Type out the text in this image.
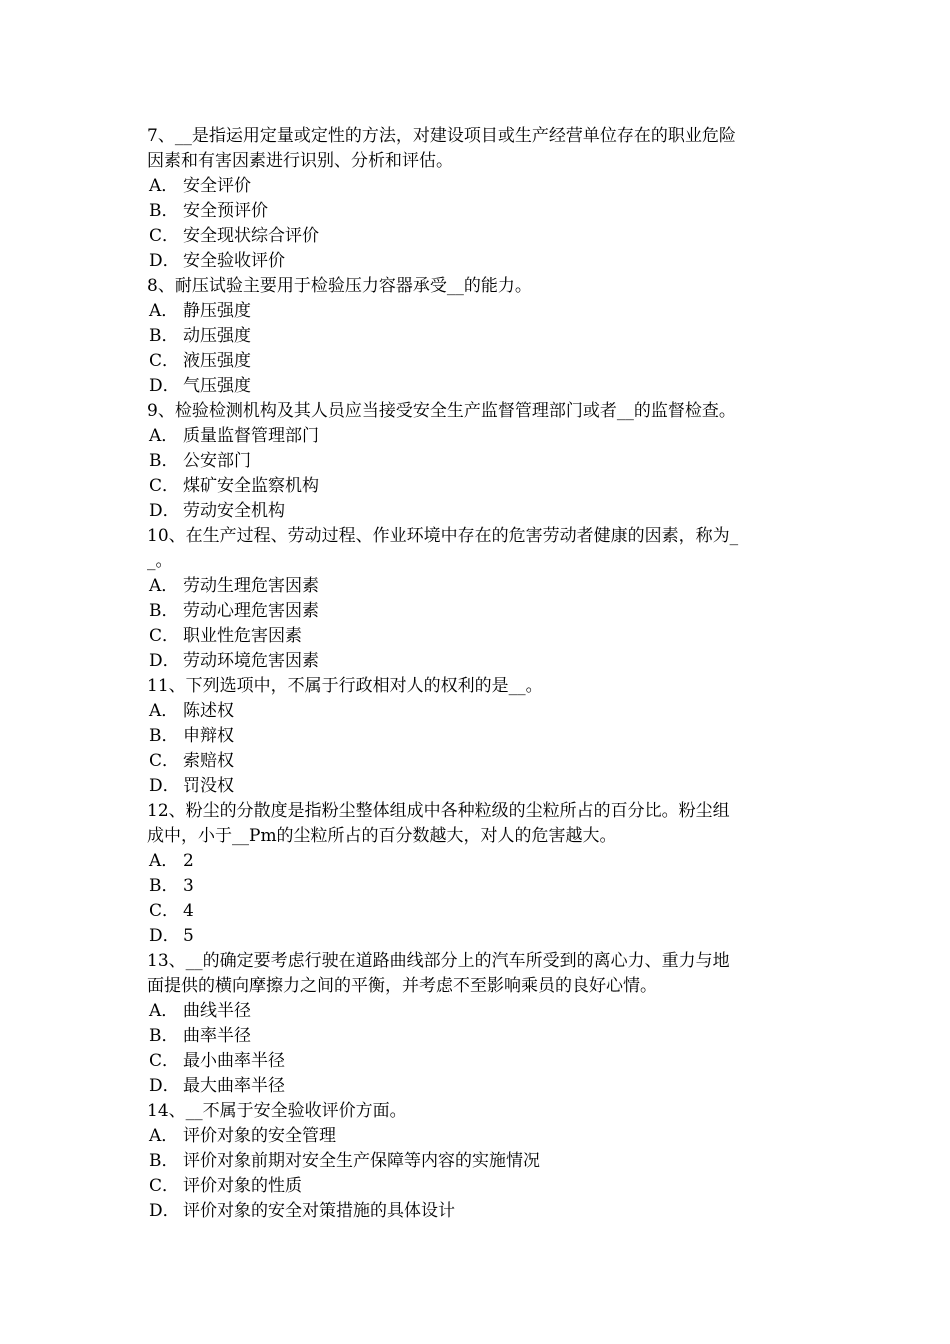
7、__是指运用定量或定性的方法，对建设项目或生产经营单位存在的职业危险
因素和有害因素进行识别、分析和评估。
A． 安全评价
B． 安全预评价
C． 安全现状综合评价
D． 安全验收评价
8、耐压试验主要用于检验压力容器承受__的能力。
A． 静压强度
B． 动压强度
C． 液压强度
D． 气压强度
9、检验检测机构及其人员应当接受安全生产监督管理部门或者__的监督检查。
A． 质量监督管理部门
B． 公安部门
C． 煤矿安全监察机构
D． 劳动安全机构
10、在生产过程、劳动过程、作业环境中存在的危害劳动者健康的因素，称为_
_。
A． 劳动生理危害因素
B． 劳动心理危害因素
C． 职业性危害因素
D． 劳动环境危害因素
11、下列选项中，不属于行政相对人的权利的是__。
A． 陈述权
B． 申辩权
C． 索赔权
D． 罚没权
12、粉尘的分散度是指粉尘整体组成中各种粒级的尘粒所占的百分比。粉尘组
成中，小于__Pm的尘粒所占的百分数越大，对人的危害越大。
A． 2
B． 3
C． 4
D． 5
13、__的确定要考虑行驶在道路曲线部分上的汽车所受到的离心力、重力与地
面提供的横向摩擦力之间的平衡，并考虑不至影响乘员的良好心情。
A． 曲线半径
B． 曲率半径
C． 最小曲率半径
D． 最大曲率半径
14、__不属于安全验收评价方面。
A． 评价对象的安全管理
B． 评价对象前期对安全生产保障等内容的实施情况
C． 评价对象的性质
D． 评价对象的安全对策措施的具体设计
